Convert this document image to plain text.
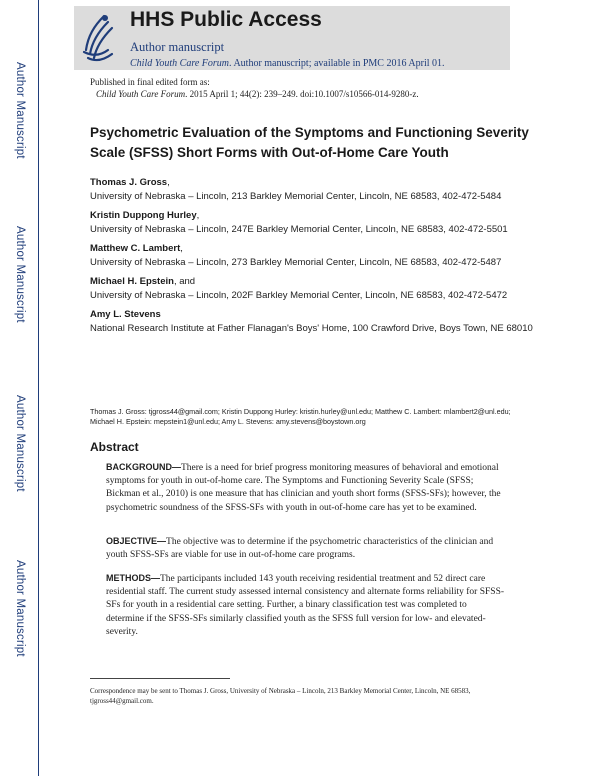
Author Manuscript
Author Manuscript
Author Manuscript
Author Manuscript
HHS Public Access
Author manuscript
Child Youth Care Forum. Author manuscript; available in PMC 2016 April 01.
Published in final edited form as:
Child Youth Care Forum. 2015 April 1; 44(2): 239–249. doi:10.1007/s10566-014-9280-z.
Psychometric Evaluation of the Symptoms and Functioning Severity Scale (SFSS) Short Forms with Out-of-Home Care Youth
Thomas J. Gross,
University of Nebraska – Lincoln, 213 Barkley Memorial Center, Lincoln, NE 68583, 402-472-5484
Kristin Duppong Hurley,
University of Nebraska – Lincoln, 247E Barkley Memorial Center, Lincoln, NE 68583, 402-472-5501
Matthew C. Lambert,
University of Nebraska – Lincoln, 273 Barkley Memorial Center, Lincoln, NE 68583, 402-472-5487
Michael H. Epstein, and
University of Nebraska – Lincoln, 202F Barkley Memorial Center, Lincoln, NE 68583, 402-472-5472
Amy L. Stevens
National Research Institute at Father Flanagan's Boys' Home, 100 Crawford Drive, Boys Town, NE 68010
Thomas J. Gross: tjgross44@gmail.com; Kristin Duppong Hurley: kristin.hurley@unl.edu; Matthew C. Lambert: mlambert2@unl.edu; Michael H. Epstein: mepstein1@unl.edu; Amy L. Stevens: amy.stevens@boystown.org
Abstract
BACKGROUND—There is a need for brief progress monitoring measures of behavioral and emotional symptoms for youth in out-of-home care. The Symptoms and Functioning Severity Scale (SFSS; Bickman et al., 2010) is one measure that has clinician and youth short forms (SFSS-SFs); however, the psychometric soundness of the SFSS-SFs with youth in out-of-home care has yet to be examined.
OBJECTIVE—The objective was to determine if the psychometric characteristics of the clinician and youth SFSS-SFs are viable for use in out-of-home care programs.
METHODS—The participants included 143 youth receiving residential treatment and 52 direct care residential staff. The current study assessed internal consistency and alternate forms reliability for SFSS-SFs for youth in a residential care setting. Further, a binary classification test was completed to determine if the SFSS-SFs similarly classified youth as the SFSS full version for low- and elevated-severity.
Correspondence may be sent to Thomas J. Gross, University of Nebraska – Lincoln, 213 Barkley Memorial Center, Lincoln, NE 68583, tjgross44@gmail.com.
